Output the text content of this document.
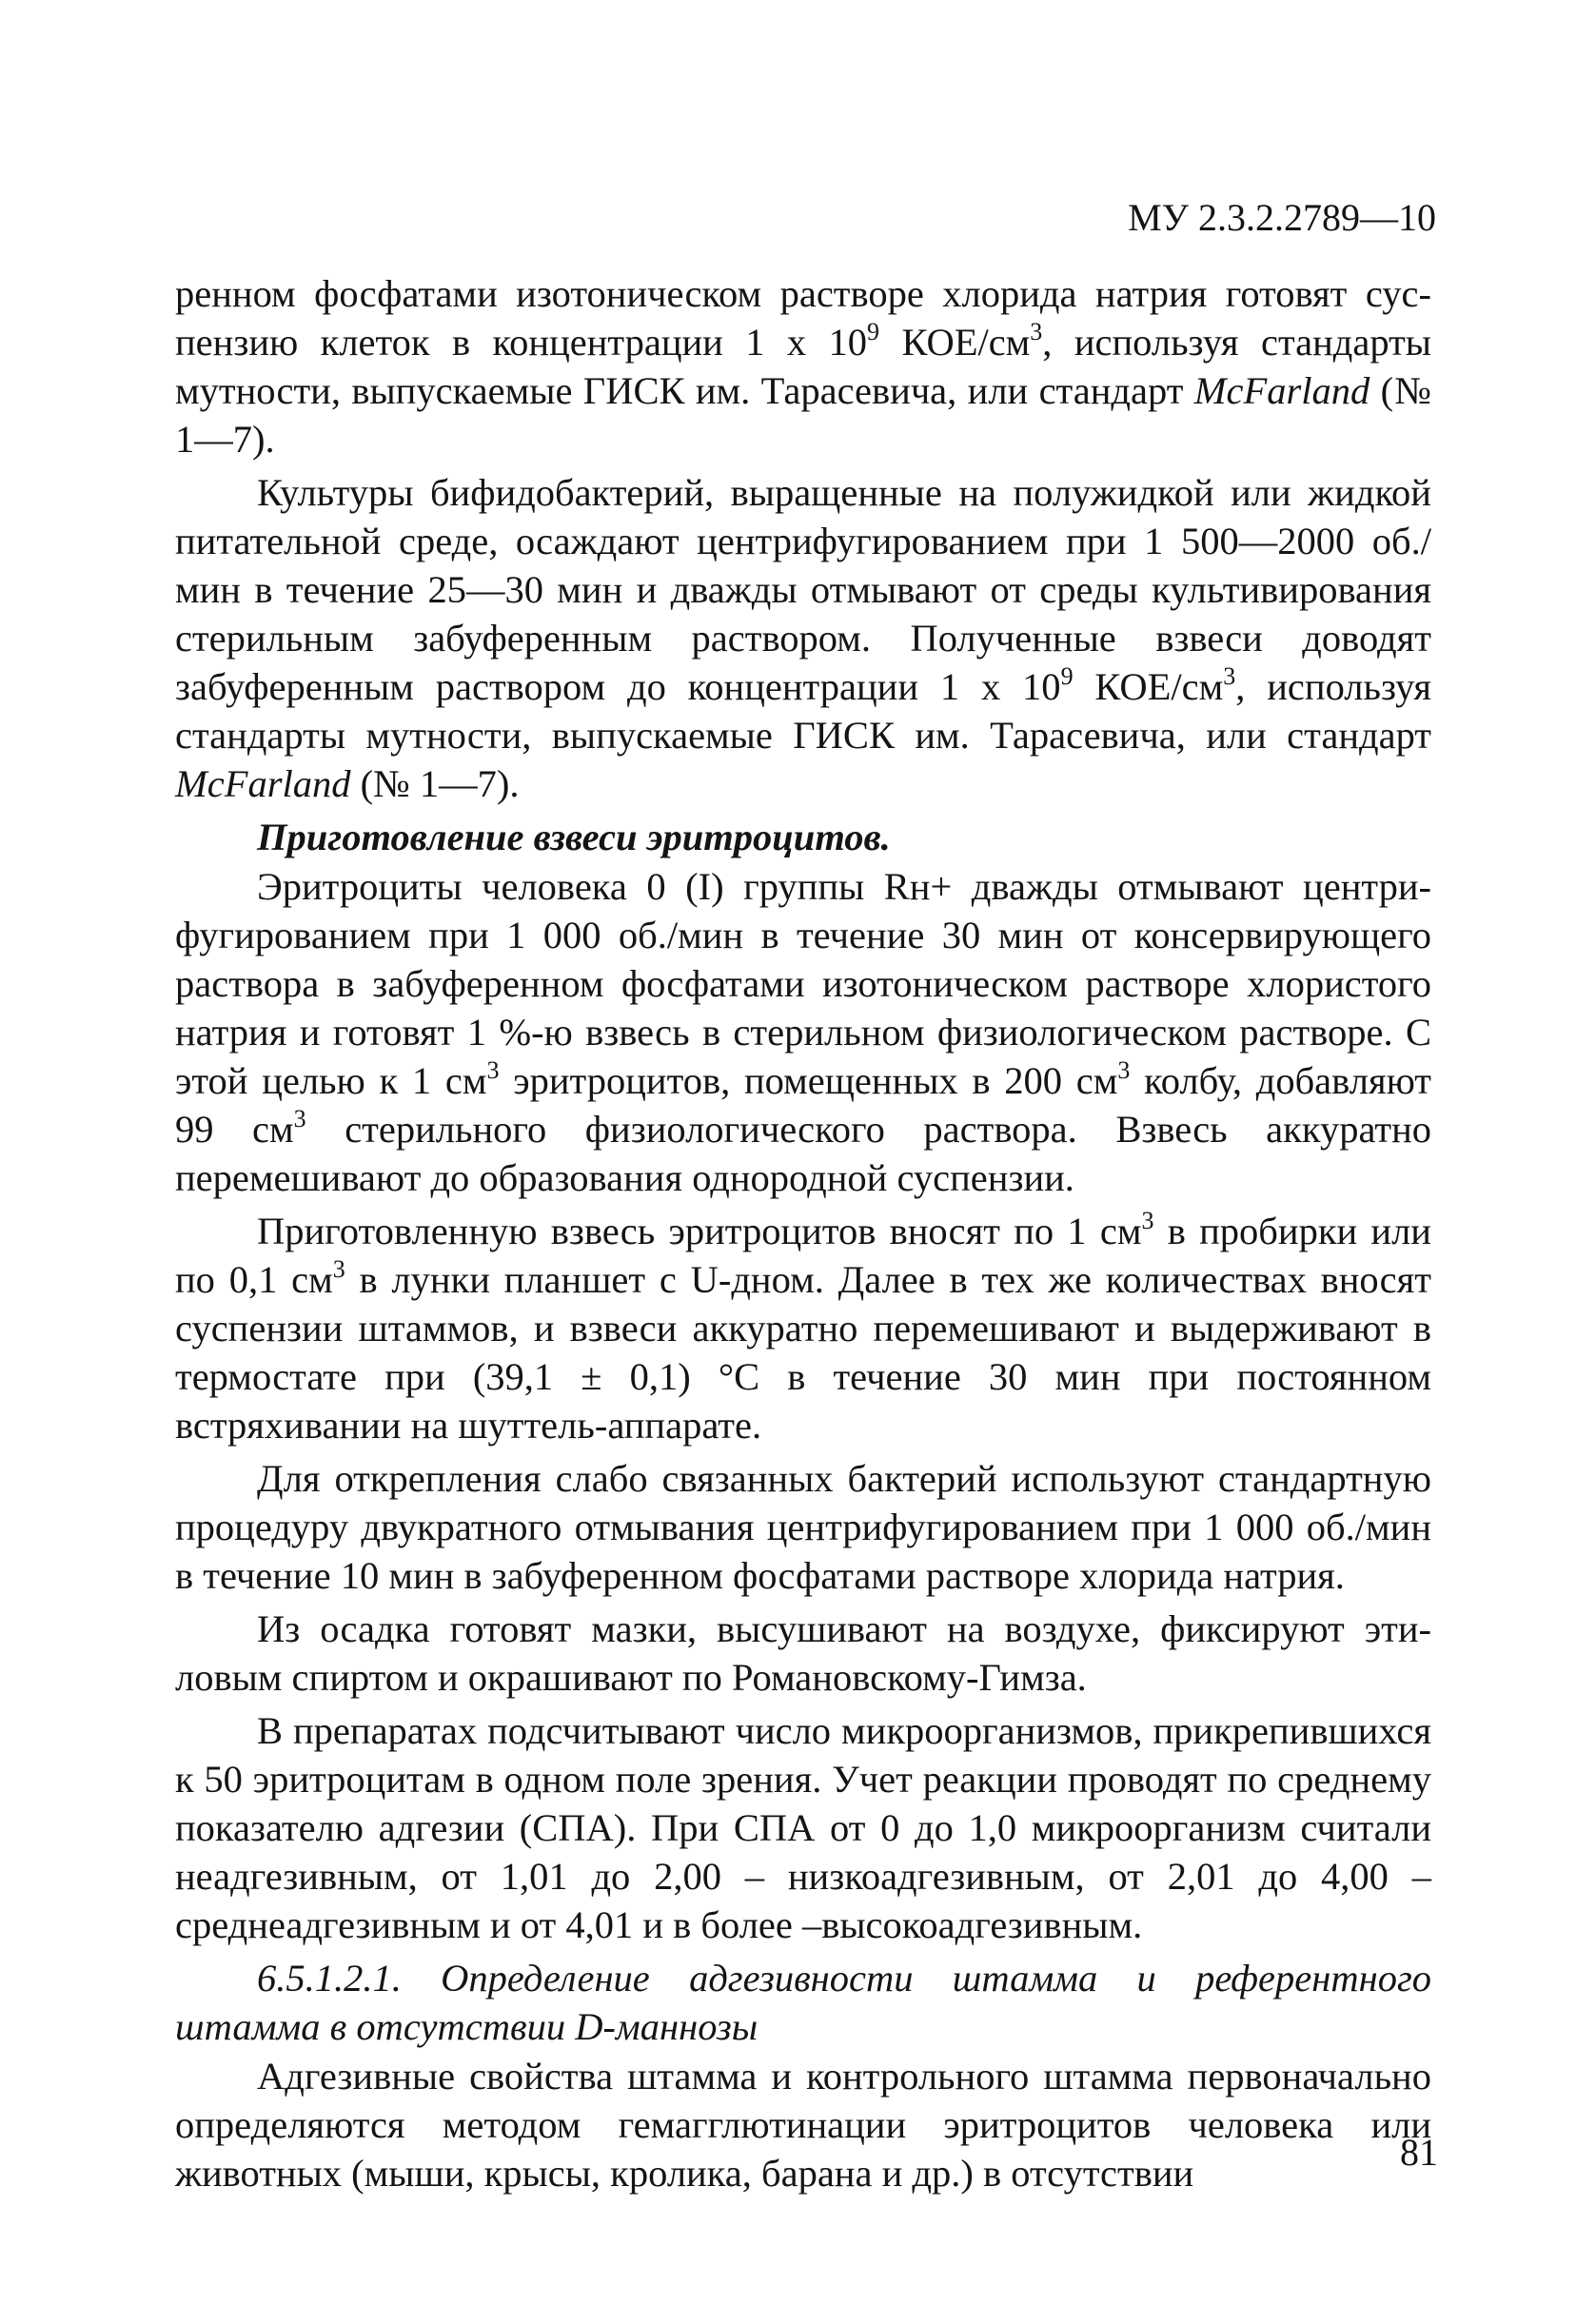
МУ 2.3.2.2789—10

ренном фосфатами изотоническом растворе хлорида натрия готовят суспензию клеток в концентрации 1 х $10^9$ КОЕ/$см^3$, используя стандарты мутности, выпускаемые ГИСК им. Тарасевича, или стандарт McFarland (№ 1—7).

Культуры бифидобактерий, выращенные на полужидкой или жидкой питательной среде, осаждают центрифугированием при 1 500—2000 об./мин в течение 25—30 мин и дважды отмывают от среды культивирования стерильным забуференным раствором. Полученные взвеси доводят забуференным раствором до концентрации 1 х $10^9$ КОЕ/$см^3$, используя стандарты мутности, выпускаемые ГИСК им. Тарасевича, или стандарт McFarland (№ 1—7).

Приготовление взвеси эритроцитов.

Эритроциты человека 0 (I) группы Rн+ дважды отмывают центрифугированием при 1 000 об./мин в течение 30 мин от консервирующего раствора в забуференном фосфатами изотоническом растворе хлористого натрия и готовят 1 %-ю взвесь в стерильном физиологическом растворе. С этой целью к 1 $см^3$ эритроцитов, помещенных в 200 $см^3$ колбу, добавляют 99 $см^3$ стерильного физиологического раствора. Взвесь аккуратно перемешивают до образования однородной суспензии.

Приготовленную взвесь эритроцитов вносят по 1 $см^3$ в пробирки или по 0,1 $см^3$ в лунки планшет с U-дном. Далее в тех же количествах вносят суспензии штаммов, и взвеси аккуратно перемешивают и выдерживают в термостате при (39,1 ± 0,1) °С в течение 30 мин при постоянном встряхивании на шуттель-аппарате.

Для открепления слабо связанных бактерий используют стандартную процедуру двукратного отмывания центрифугированием при 1 000 об./мин в течение 10 мин в забуференном фосфатами растворе хлорида натрия.

Из осадка готовят мазки, высушивают на воздухе, фиксируют этиловым спиртом и окрашивают по Романовскому-Гимза.

В препаратах подсчитывают число микроорганизмов, прикрепившихся к 50 эритроцитам в одном поле зрения. Учет реакции проводят по среднему показателю адгезии (СПА). При СПА от 0 до 1,0 микроорганизм считали неадгезивным, от 1,01 до 2,00 – низкоадгезивным, от 2,01 до 4,00 – среднеадгезивным и от 4,01 и в более –высокоадгезивным.

6.5.1.2.1. Определение адгезивности штамма и референтного штамма в отсутствии D-маннозы

Адгезивные свойства штамма и контрольного штамма первоначально определяются методом гемагглютинации эритроцитов человека или животных (мыши, крысы, кролика, барана и др.) в отсутствии	81
